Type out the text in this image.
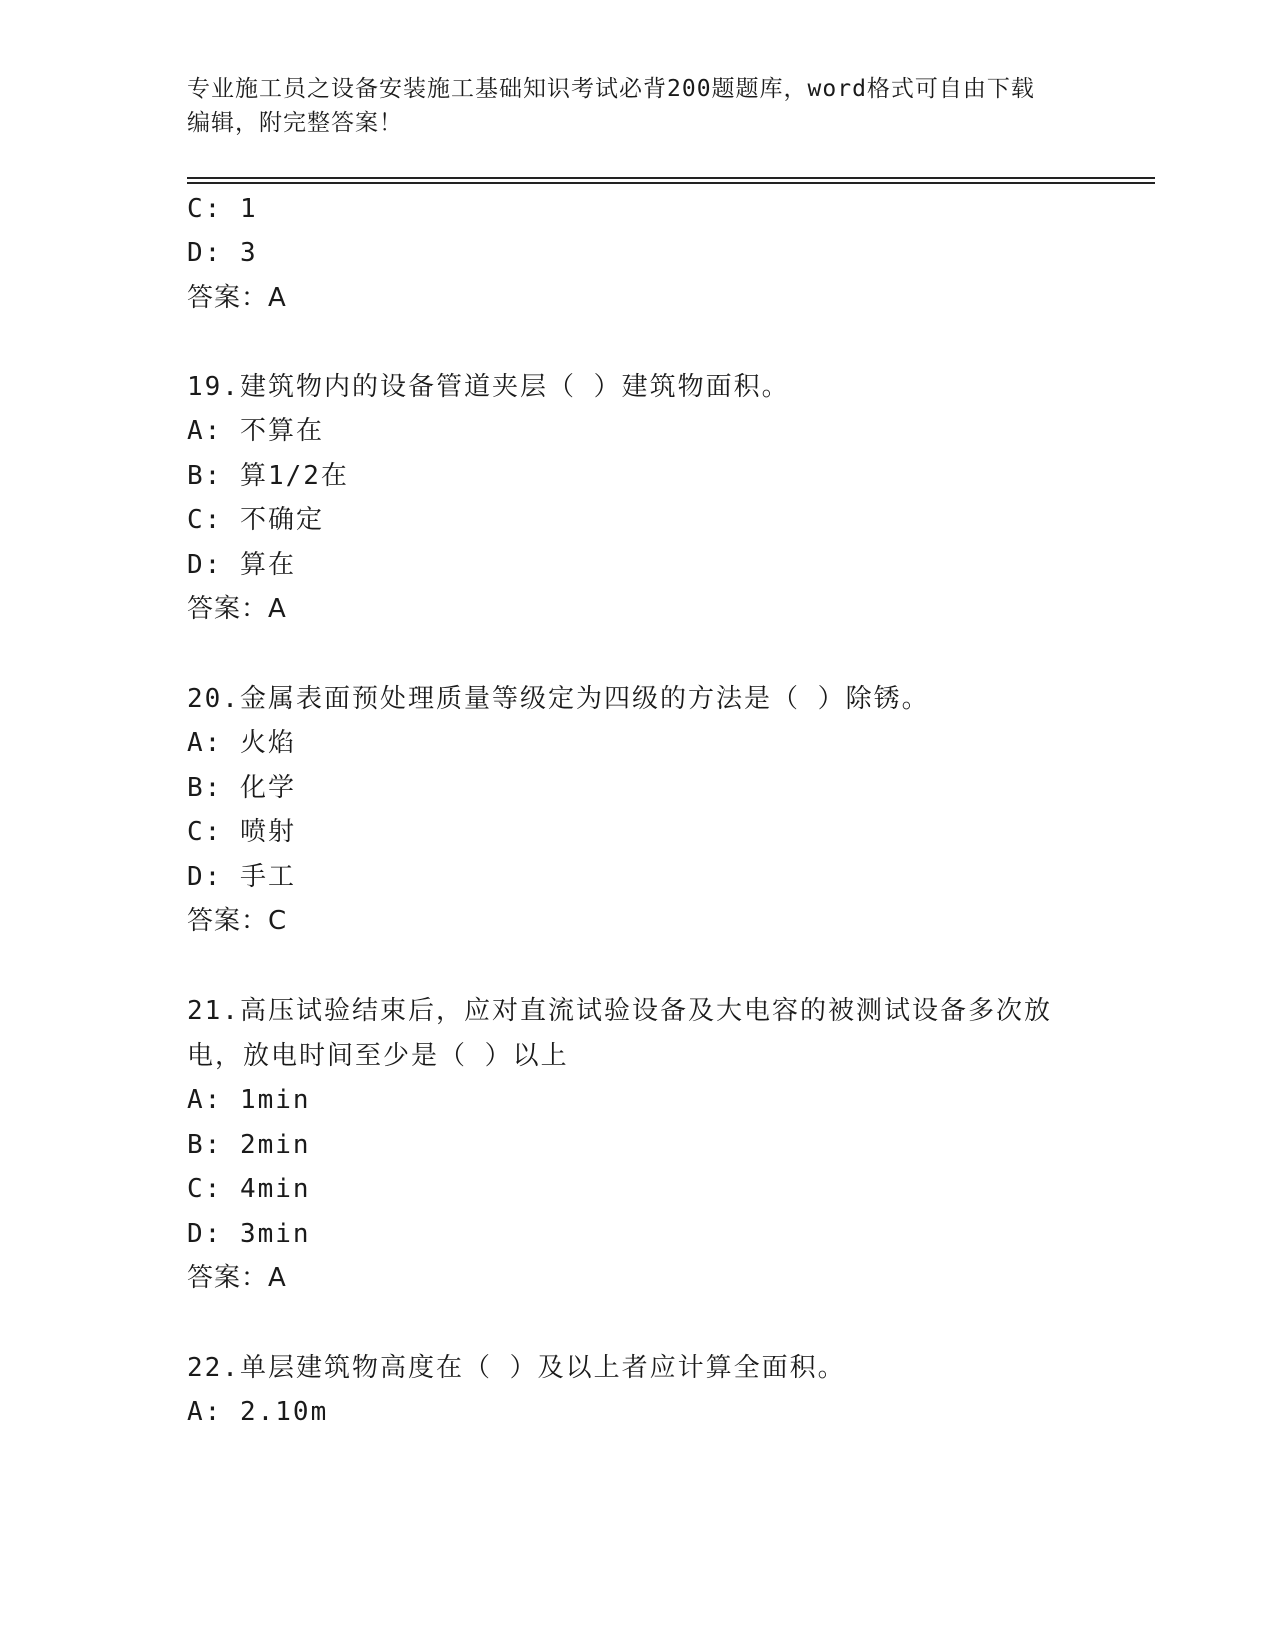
专业施工员之设备安装施工基础知识考试必背200题题库，word格式可自由下载
编辑，附完整答案！
C: 1
D: 3
答案：A
19.建筑物内的设备管道夹层（ ）建筑物面积。
A: 不算在
B: 算1/2在
C: 不确定
D: 算在
答案：A
20.金属表面预处理质量等级定为四级的方法是（ ）除锈。
A: 火焰
B: 化学
C: 喷射
D: 手工
答案：C
21.高压试验结束后，应对直流试验设备及大电容的被测试设备多次放
电，放电时间至少是（ ）以上
A: 1min
B: 2min
C: 4min
D: 3min
答案：A
22.单层建筑物高度在（ ）及以上者应计算全面积。
A: 2.10m
